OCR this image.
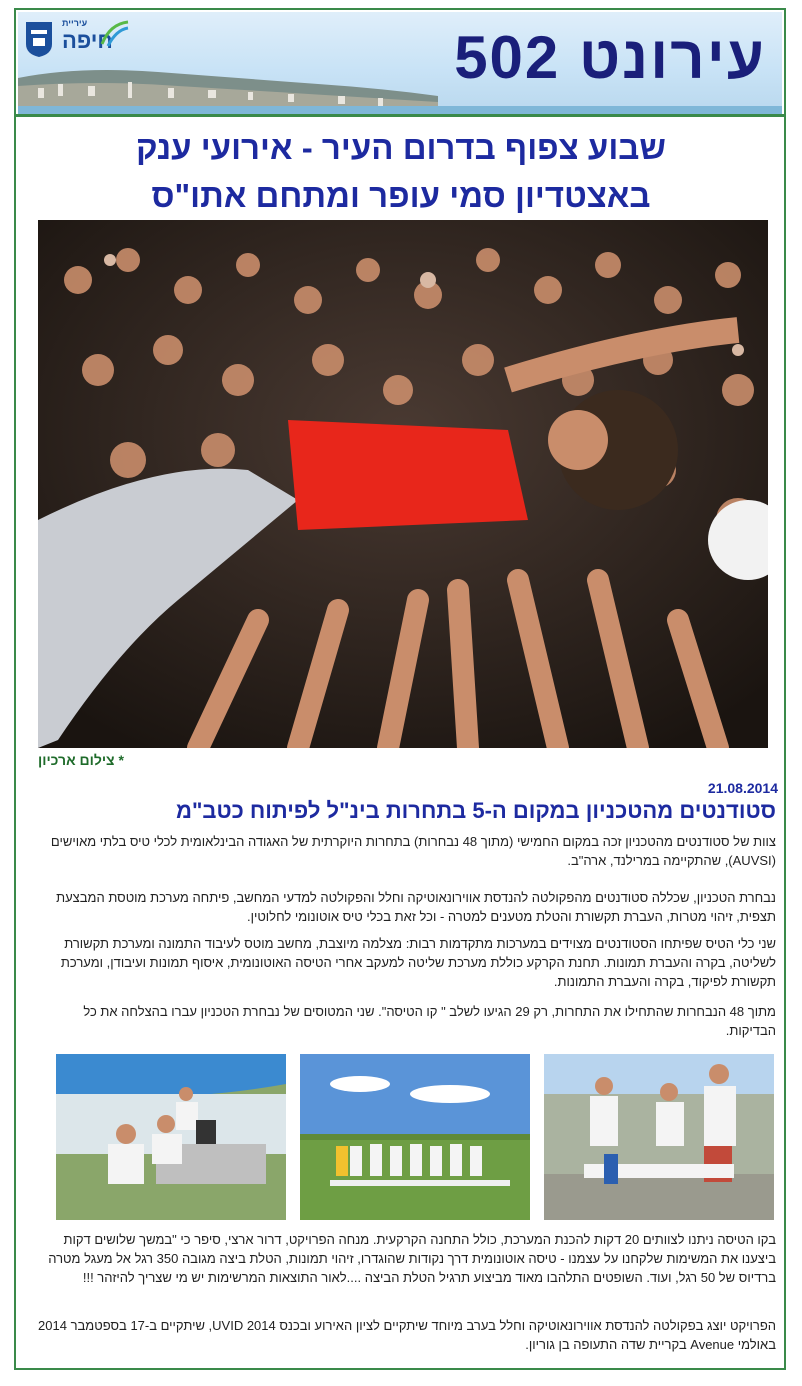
עיריית
חיפה	עירונט 502
שבוע צפוף בדרום העיר - אירועי ענק
באצטדיון סמי עופר ומתחם אתו"ס
* צילום ארכיון
21.08.2014
סטודנטים מהטכניון במקום ה-5 בתחרות בינ"ל לפיתוח כטב"מ
צוות של סטודנטים מהטכניון זכה במקום החמישי (מתוך 48 נבחרות) בתחרות היוקרתית של האגודה הבינלאומית לכלי טיס בלתי מאוישים (AUVSI), שהתקיימה במרילנד, ארה"ב.
נבחרת הטכניון, שכללה סטודנטים מהפקולטה להנדסת אווירונאוטיקה וחלל והפקולטה למדעי המחשב, פיתחה מערכת מוטסת המבצעת תצפית, זיהוי מטרות, העברת תקשורת והטלת מטענים למטרה - וכל זאת בכלי טיס אוטונומי לחלוטין.
שני כלי הטיס שפיתחו הסטודנטים מצוידים במערכות מתקדמות רבות: מצלמה מיוצבת, מחשב מוטס לעיבוד התמונה ומערכת תקשורת לשליטה, בקרה והעברת תמונות. תחנת הקרקע כוללת מערכת שליטה למעקב אחרי הטיסה האוטונומית, איסוף תמונות ועיבודן, ומערכת תקשורת לפיקוד, בקרה והעברת התמונות.
מתוך 48 הנבחרות שהתחילו את התחרות, רק 29 הגיעו לשלב " קו הטיסה". שני המטוסים של נבחרת הטכניון עברו בהצלחה את כל הבדיקות.
בקו הטיסה ניתנו לצוותים 20 דקות להכנת המערכת, כולל התחנה הקרקעית. מנחה הפרויקט, דרור ארצי, סיפר כי "במשך שלושים דקות ביצענו את המשימות שלקחנו על עצמנו - טיסה אוטונומית דרך נקודות שהוגדרו, זיהוי תמונות, הטלת ביצה מגובה 350 רגל אל מעגל מטרה ברדיוס של 50 רגל, ועוד. השופטים התלהבו מאוד מביצוע תרגיל הטלת הביצה ....לאור התוצאות המרשימות יש מי שצריך להיזהר !!!
הפרויקט יוצג בפקולטה להנדסת אווירונאוטיקה וחלל בערב מיוחד שיתקיים לציון האירוע ובכנס UVID 2014, שיתקיים ב-17 בספטמבר 2014 באולמי Avenue בקריית שדה התעופה בן גוריון.
